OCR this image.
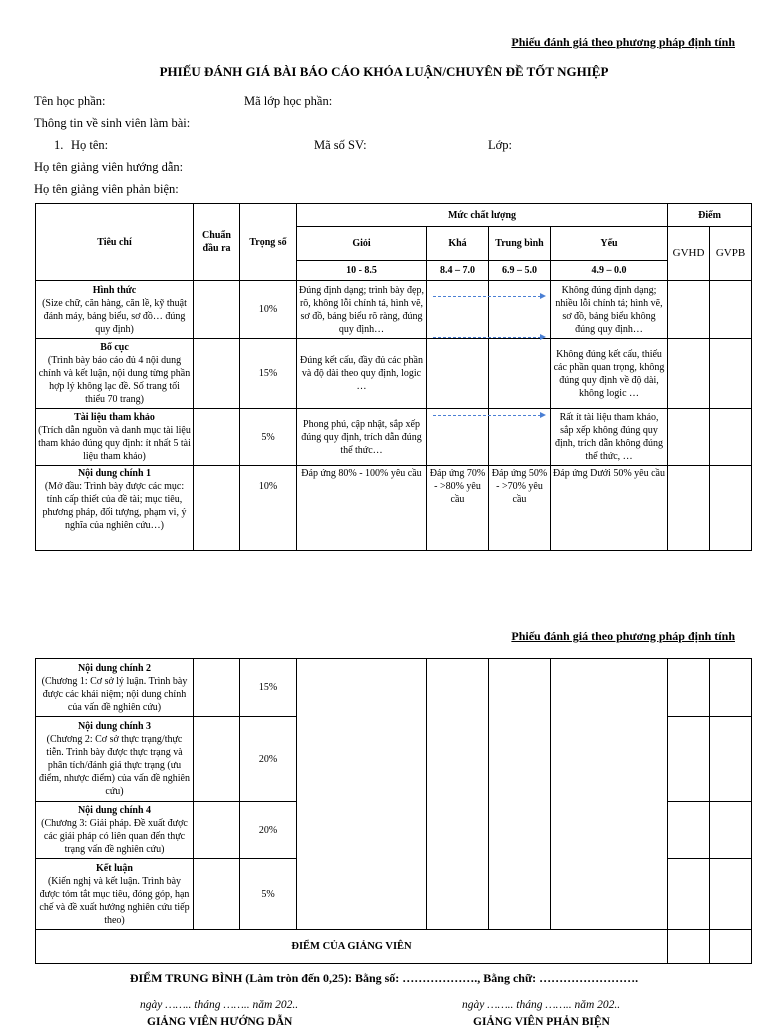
Phiếu đánh giá theo phương pháp định tính
PHIẾU ĐÁNH GIÁ BÀI BÁO CÁO KHÓA LUẬN/CHUYÊN ĐỀ TỐT NGHIỆP
Tên học phần:	Mã lớp học phần:
Thông tin về sinh viên làm bài:
1. Họ tên:	Mã số SV:	Lớp:
Họ tên giảng viên hướng dẫn:
Họ tên giảng viên phản biện:
Tiêu chí	Chuẩn đầu ra	Trọng số	Mức chất lượng				Điểm	
			Giỏi	Khá	Trung bình	Yếu	GVHD	GVPB
			10 - 8.5	8.4 – 7.0	6.9 – 5.0	4.9 – 0.0		

Hình thức
(Size chữ, căn hàng, căn lề, kỹ thuật đánh máy, bảng biểu, sơ đồ… đúng quy định)		10%	Đúng định dạng; trình bày đẹp, rõ, không lỗi chính tả, hình vẽ, sơ đồ, bảng biểu rõ ràng, đúng quy định…			Không đúng định dạng; nhiều lỗi chính tả; hình vẽ, sơ đồ, bảng biểu không đúng quy định…		

Bố cục
(Trình bày báo cáo đủ 4 nội dung chính và kết luận, nội dung từng phần hợp lý không lạc đề. Số trang tối thiểu 70 trang)		15%	Đúng kết cấu, đầy đủ các phần và độ dài theo quy định, logic …			Không đúng kết cấu, thiếu các phần quan trọng, không đúng quy định về độ dài, không logic …		

Tài liệu tham khảo
(Trích dẫn nguồn và danh mục tài liệu tham khảo đúng quy định: ít nhất 5 tài liệu tham khảo)		5%	Phong phú, cập nhật, sắp xếp đúng quy định, trích dẫn đúng thể thức…			Rất ít tài liệu tham khảo, sắp xếp không đúng quy định, trích dẫn không đúng thể thức, …		

Nội dung chính 1
(Mở đầu: Trình bày được các mục: tính cấp thiết của đề tài; mục tiêu, phương pháp, đối tượng, phạm vi, ý nghĩa của nghiên cứu…)		10%	Đáp ứng 80% - 100% yêu cầu	Đáp ứng 70% - >80% yêu cầu	Đáp ứng 50% - >70% yêu cầu	Đáp ứng Dưới 50% yêu cầu		
Phiếu đánh giá theo phương pháp định tính
Nội dung chính 2
(Chương 1: Cơ sở lý luận. Trình bày được các khái niệm; nội dung chính của vấn đề nghiên cứu)		15%						

Nội dung chính 3
(Chương 2: Cơ sở thực trạng/thực tiễn. Trình bày được thực trạng và phân tích/đánh giá thực trạng (ưu điểm, nhược điểm) của vấn đề nghiên cứu)		20%						

Nội dung chính 4
(Chương 3: Giải pháp. Đề xuất được các giải pháp có liên quan đến thực trạng vấn đề nghiên cứu)		20%						

Kết luận
(Kiến nghị và kết luận. Trình bày được tóm tắt mục tiêu, đóng góp, hạn chế và đề xuất hướng nghiên cứu tiếp theo)		5%						
ĐIỂM CỦA GIẢNG VIÊN								
ĐIỂM TRUNG BÌNH (Làm tròn đến 0,25): Bằng số: ………………., Bằng chữ: …………………….
ngày …….. tháng …….. năm 202..	ngày …….. tháng …….. năm 202..
GIẢNG VIÊN HƯỚNG DẪN	GIẢNG VIÊN PHẢN BIỆN
